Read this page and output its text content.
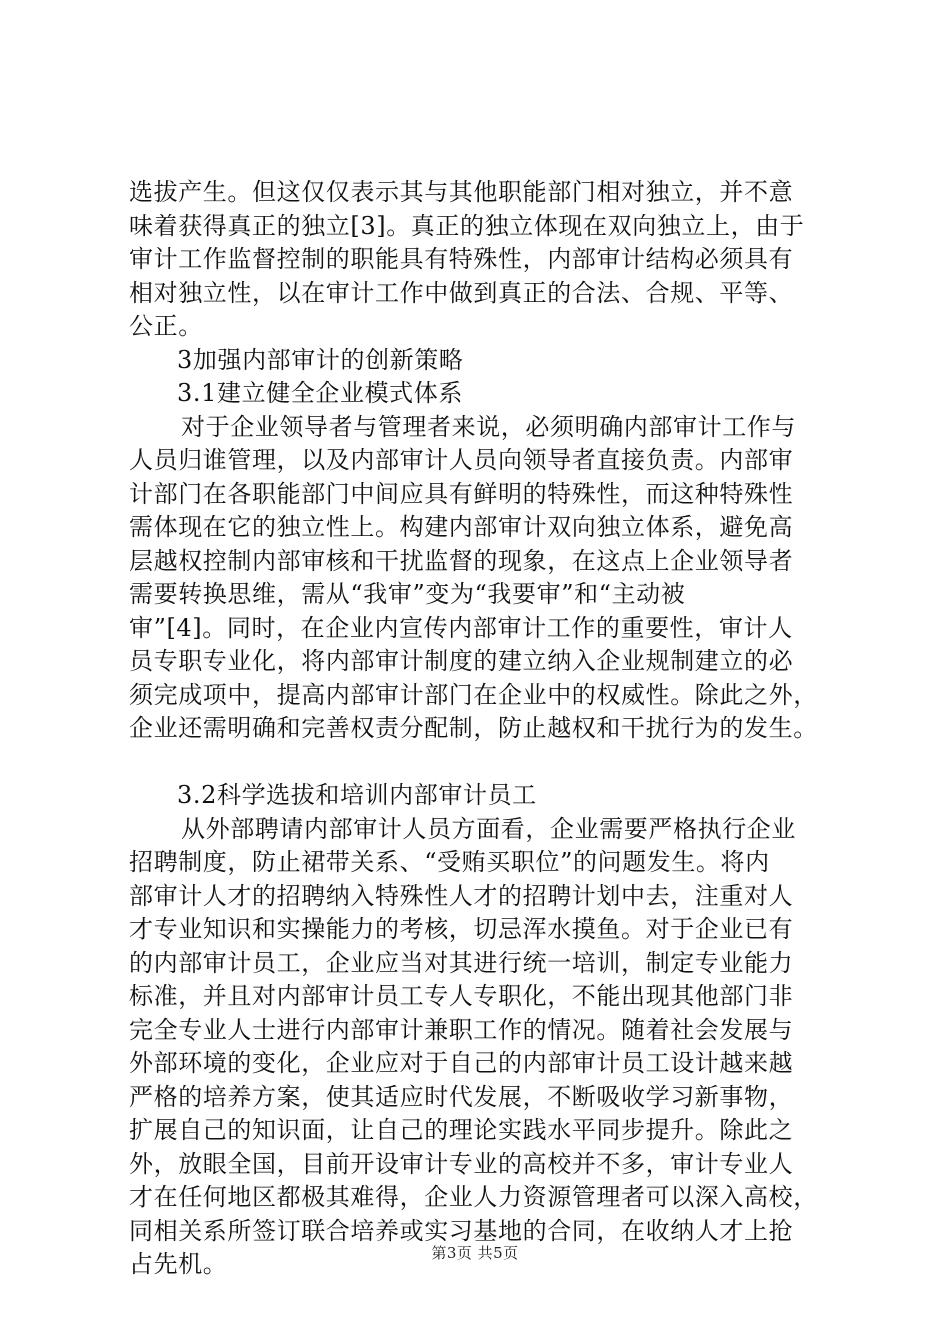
选拔产生。但这仅仅表示其与其他职能部门相对独立，并不意
味着获得真正的独立[3]。真正的独立体现在双向独立上，由于
审计工作监督控制的职能具有特殊性，内部审计结构必须具有
相对独立性，以在审计工作中做到真正的合法、合规、平等、
公正。
3加强内部审计的创新策略
3.1建立健全企业模式体系
对于企业领导者与管理者来说，必须明确内部审计工作与
人员归谁管理，以及内部审计人员向领导者直接负责。内部审
计部门在各职能部门中间应具有鲜明的特殊性，而这种特殊性
需体现在它的独立性上。构建内部审计双向独立体系，避免高
层越权控制内部审核和干扰监督的现象，在这点上企业领导者
需要转换思维，需从“我审”变为“我要审”和“主动被
审”[4]。同时，在企业内宣传内部审计工作的重要性，审计人
员专职专业化，将内部审计制度的建立纳入企业规制建立的必
须完成项中，提高内部审计部门在企业中的权威性。除此之外，
企业还需明确和完善权责分配制，防止越权和干扰行为的发生。
3.2科学选拔和培训内部审计员工
从外部聘请内部审计人员方面看，企业需要严格执行企业
招聘制度，防止裙带关系、“受贿买职位”的问题发生。将内
部审计人才的招聘纳入特殊性人才的招聘计划中去，注重对人
才专业知识和实操能力的考核，切忌浑水摸鱼。对于企业已有
的内部审计员工，企业应当对其进行统一培训，制定专业能力
标准，并且对内部审计员工专人专职化，不能出现其他部门非
完全专业人士进行内部审计兼职工作的情况。随着社会发展与
外部环境的变化，企业应对于自己的内部审计员工设计越来越
严格的培养方案，使其适应时代发展，不断吸收学习新事物，
扩展自己的知识面，让自己的理论实践水平同步提升。除此之
外，放眼全国，目前开设审计专业的高校并不多，审计专业人
才在任何地区都极其难得，企业人力资源管理者可以深入高校，
同相关系所签订联合培养或实习基地的合同，在收纳人才上抢
占先机。	第3页 共5页
